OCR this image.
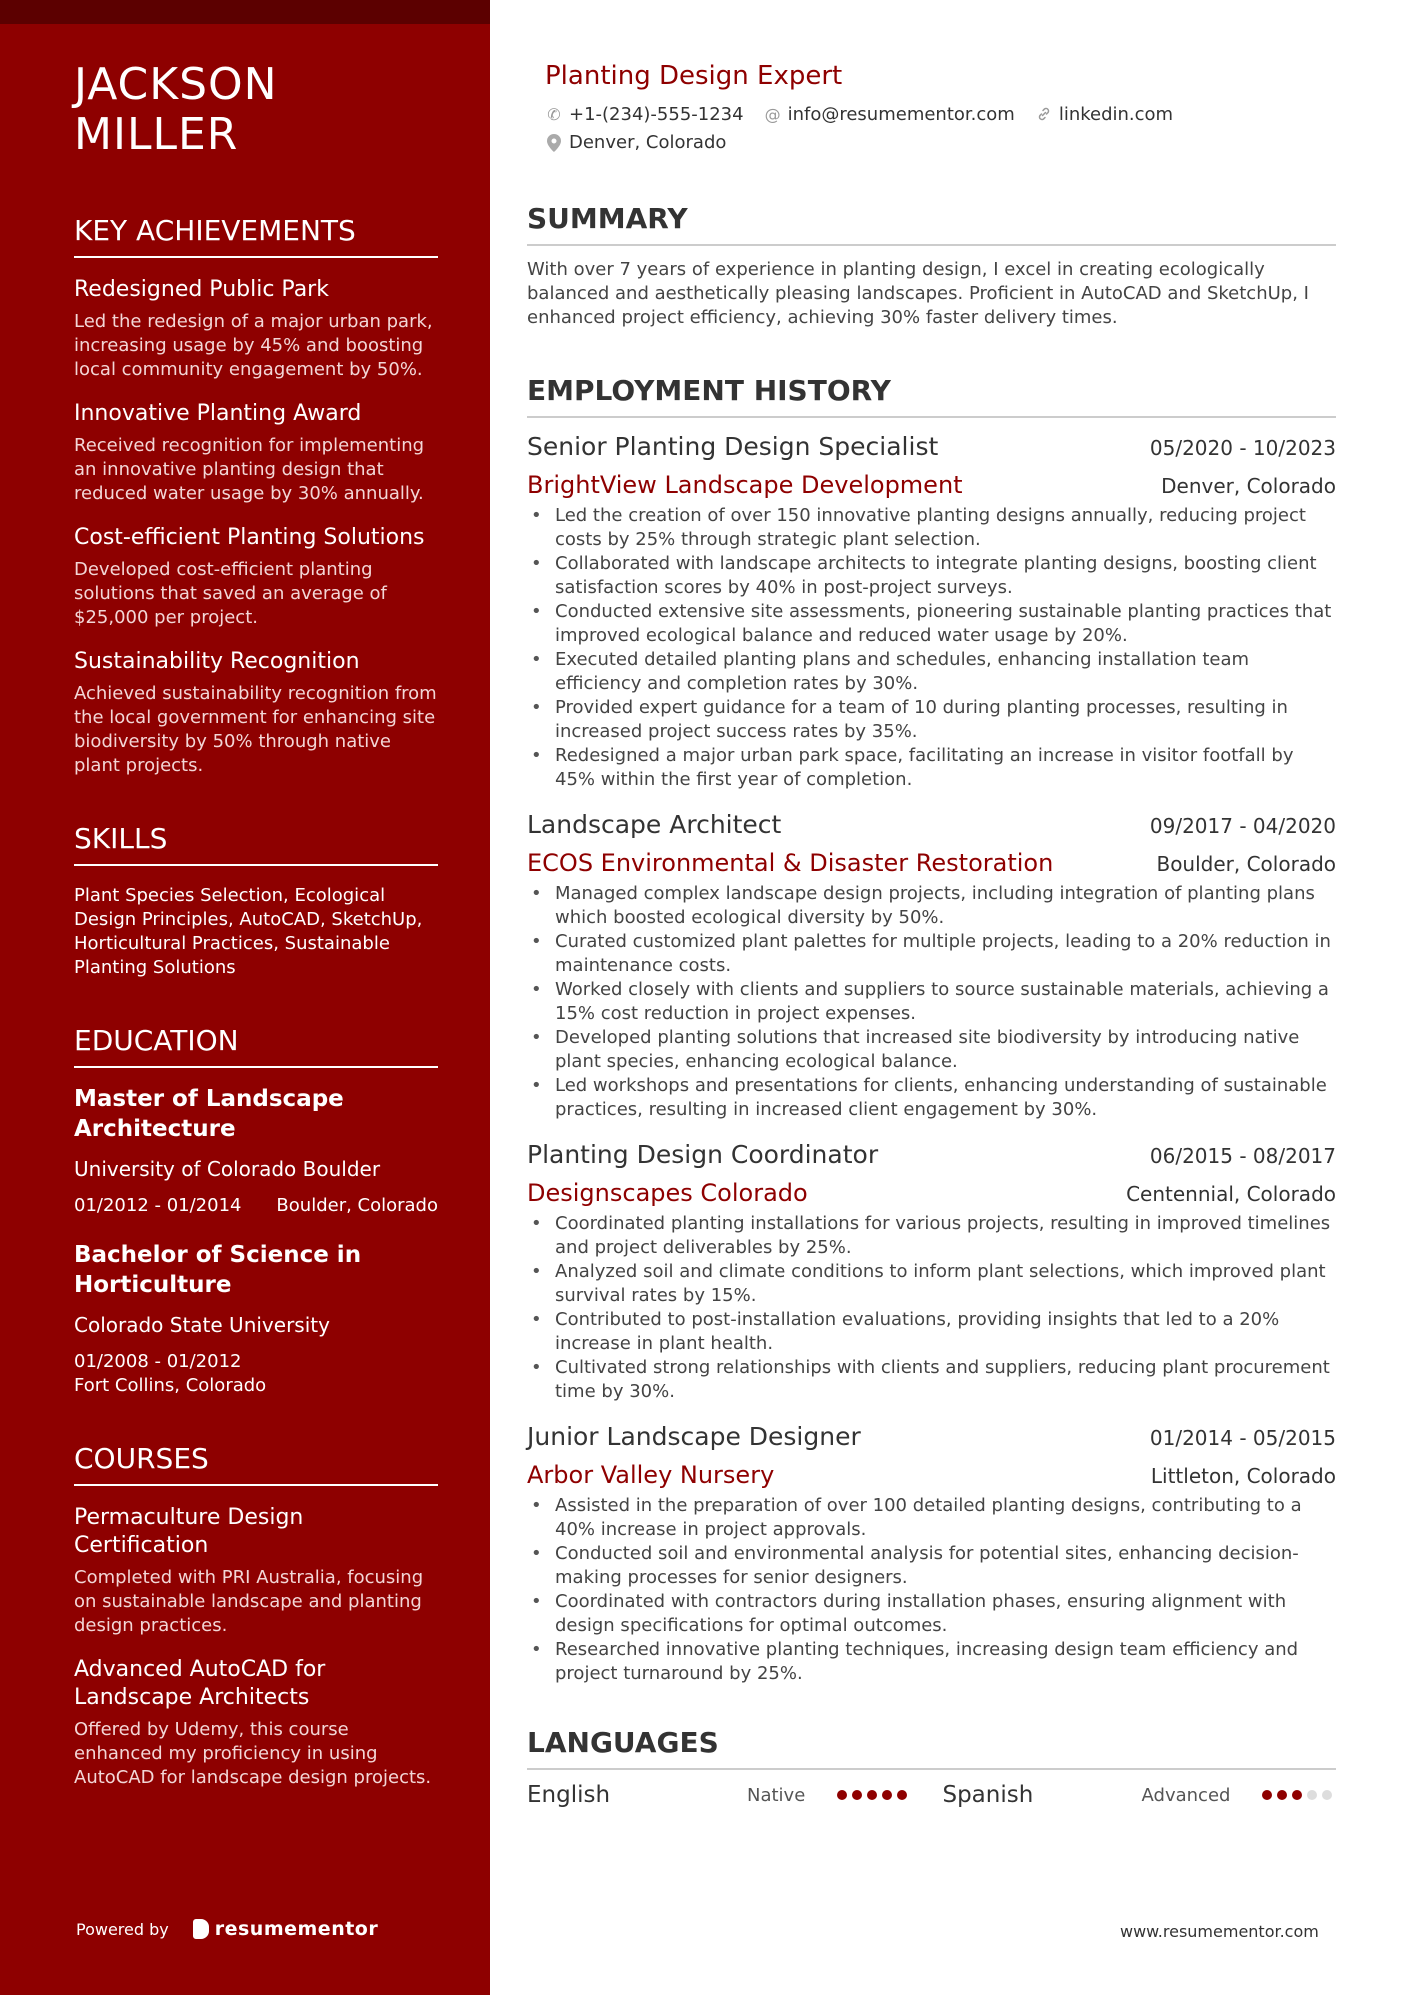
JACKSON
MILLER
KEY ACHIEVEMENTS
Redesigned Public Park
Led the redesign of a major urban park, increasing usage by 45% and boosting local community engagement by 50%.
Innovative Planting Award
Received recognition for implementing an innovative planting design that reduced water usage by 30% annually.
Cost-efficient Planting Solutions
Developed cost-efficient planting solutions that saved an average of $25,000 per project.
Sustainability Recognition
Achieved sustainability recognition from the local government for enhancing site biodiversity by 50% through native plant projects.
SKILLS
Plant Species Selection, Ecological Design Principles, AutoCAD, SketchUp, Horticultural Practices, Sustainable Planting Solutions
EDUCATION
Master of Landscape Architecture
University of Colorado Boulder
01/2012 - 01/2014 Boulder, Colorado
Bachelor of Science in Horticulture
Colorado State University
01/2008 - 01/2012
Fort Collins, Colorado
COURSES
Permaculture Design Certification
Completed with PRI Australia, focusing on sustainable landscape and planting design practices.
Advanced AutoCAD for Landscape Architects
Offered by Udemy, this course enhanced my proficiency in using AutoCAD for landscape design projects.
Powered by resumementor
Planting Design Expert
✆ +1-(234)-555-1234 @ info@resumementor.com linkedin.com
Denver, Colorado
SUMMARY

With over 7 years of experience in planting design, I excel in creating ecologically balanced and aesthetically pleasing landscapes. Proficient in AutoCAD and SketchUp, I enhanced project efficiency, achieving 30% faster delivery times.

EMPLOYMENT HISTORY
Senior Planting Design Specialist	05/2020 - 10/2023
BrightView Landscape Development	Denver, Colorado
• Led the creation of over 150 innovative planting designs annually, reducing project costs by 25% through strategic plant selection.
• Collaborated with landscape architects to integrate planting designs, boosting client satisfaction scores by 40% in post-project surveys.
• Conducted extensive site assessments, pioneering sustainable planting practices that improved ecological balance and reduced water usage by 20%.
• Executed detailed planting plans and schedules, enhancing installation team efficiency and completion rates by 30%.
• Provided expert guidance for a team of 10 during planting processes, resulting in increased project success rates by 35%.
• Redesigned a major urban park space, facilitating an increase in visitor footfall by 45% within the first year of completion.
Landscape Architect	09/2017 - 04/2020
ECOS Environmental & Disaster Restoration	Boulder, Colorado
• Managed complex landscape design projects, including integration of planting plans which boosted ecological diversity by 50%.
• Curated customized plant palettes for multiple projects, leading to a 20% reduction in maintenance costs.
• Worked closely with clients and suppliers to source sustainable materials, achieving a 15% cost reduction in project expenses.
• Developed planting solutions that increased site biodiversity by introducing native plant species, enhancing ecological balance.
• Led workshops and presentations for clients, enhancing understanding of sustainable practices, resulting in increased client engagement by 30%.
Planting Design Coordinator	06/2015 - 08/2017
Designscapes Colorado	Centennial, Colorado
• Coordinated planting installations for various projects, resulting in improved timelines and project deliverables by 25%.
• Analyzed soil and climate conditions to inform plant selections, which improved plant survival rates by 15%.
• Contributed to post-installation evaluations, providing insights that led to a 20% increase in plant health.
• Cultivated strong relationships with clients and suppliers, reducing plant procurement time by 30%.
Junior Landscape Designer	01/2014 - 05/2015
Arbor Valley Nursery	Littleton, Colorado
• Assisted in the preparation of over 100 detailed planting designs, contributing to a 40% increase in project approvals.
• Conducted soil and environmental analysis for potential sites, enhancing decision-making processes for senior designers.
• Coordinated with contractors during installation phases, ensuring alignment with design specifications for optimal outcomes.
• Researched innovative planting techniques, increasing design team efficiency and project turnaround by 25%.
LANGUAGES
English	Native	Spanish	Advanced
www.resumementor.com
